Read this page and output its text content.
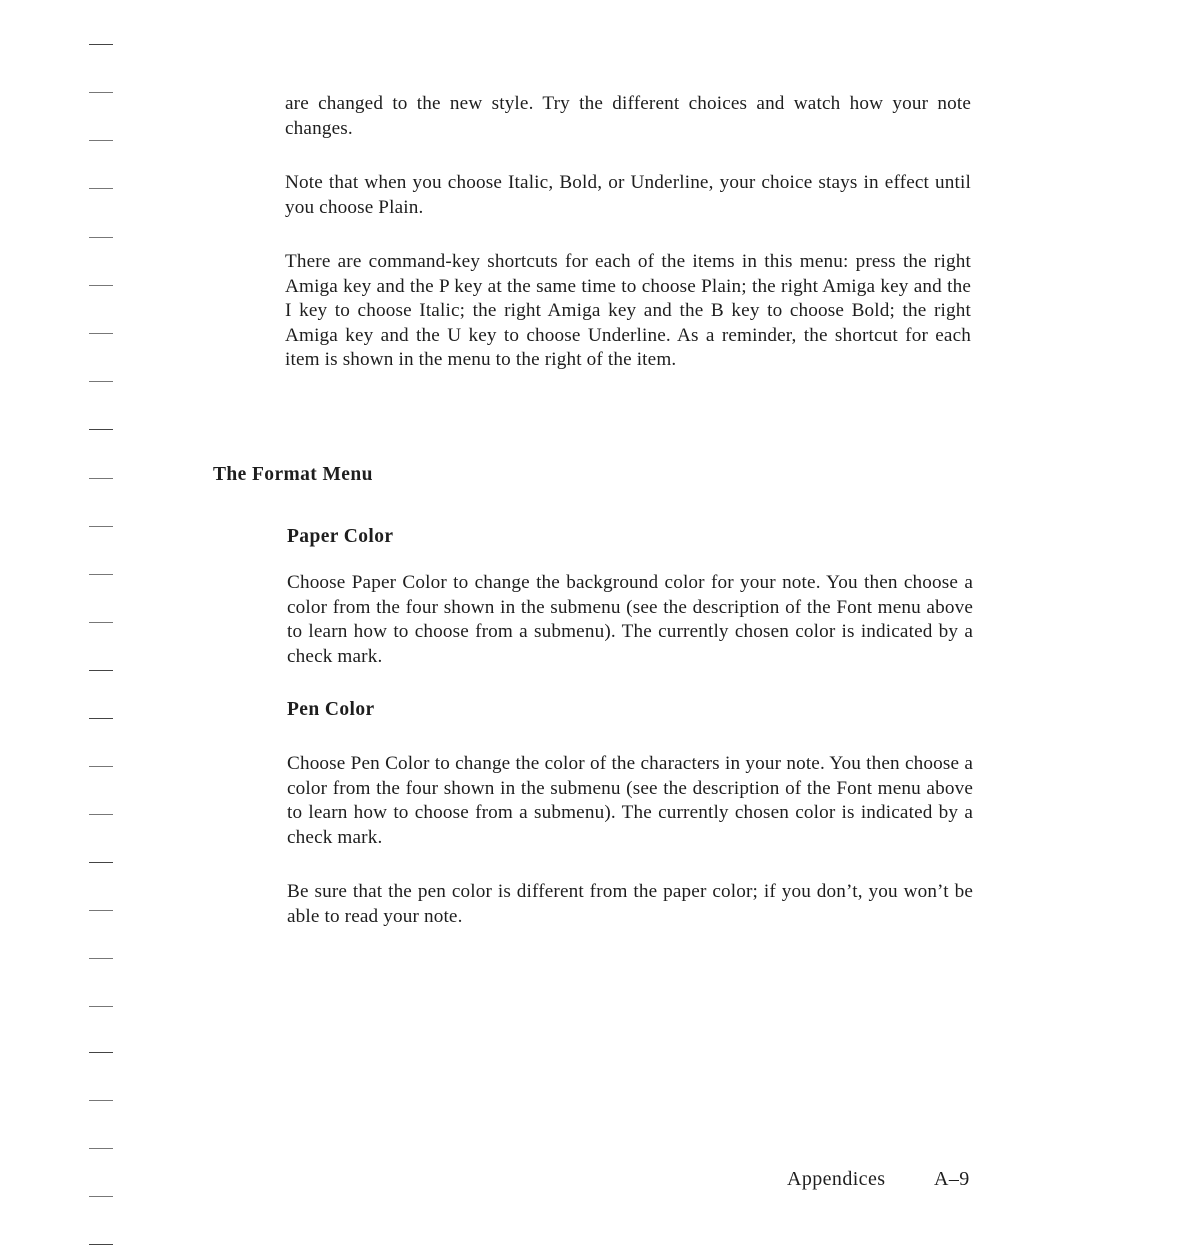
are changed to the new style. Try the different choices and watch how your note changes.

Note that when you choose Italic, Bold, or Underline, your choice stays in effect until you choose Plain.

There are command-key shortcuts for each of the items in this menu: press the right Amiga key and the P key at the same time to choose Plain; the right Amiga key and the I key to choose Italic; the right Amiga key and the B key to choose Bold; the right Amiga key and the U key to choose Underline. As a reminder, the shortcut for each item is shown in the menu to the right of the item.

The Format Menu
Paper Color

Choose Paper Color to change the background color for your note. You then choose a color from the four shown in the submenu (see the description of the Font menu above to learn how to choose from a submenu). The currently chosen color is indicated by a check mark.

Pen Color

Choose Pen Color to change the color of the characters in your note. You then choose a color from the four shown in the submenu (see the description of the Font menu above to learn how to choose from a submenu). The currently chosen color is indicated by a check mark.

Be sure that the pen color is different from the paper color; if you don’t, you won’t be able to read your note.

Appendices A–9
